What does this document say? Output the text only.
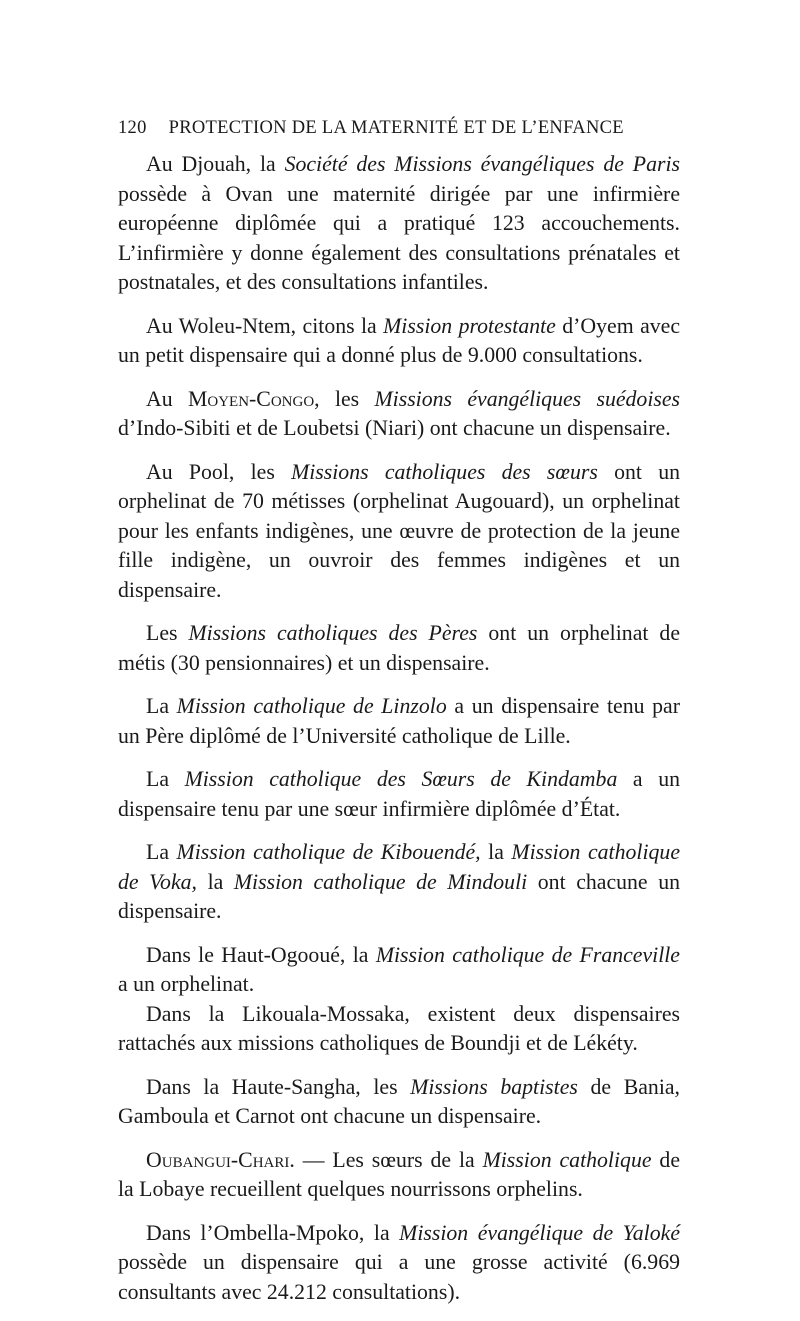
120 PROTECTION DE LA MATERNITÉ ET DE L’ENFANCE

Au Djouah, la Société des Missions évangéliques de Paris possède à Ovan une maternité dirigée par une infirmière européenne diplômée qui a pratiqué 123 accouchements. L’infirmière y donne également des consultations prénatales et postnatales, et des consultations infantiles.

Au Woleu-Ntem, citons la Mission protestante d’Oyem avec un petit dispensaire qui a donné plus de 9.000 consultations.

Au Moyen-Congo, les Missions évangéliques suédoises d’Indo-Sibiti et de Loubetsi (Niari) ont chacune un dispensaire.

Au Pool, les Missions catholiques des sœurs ont un orphelinat de 70 métisses (orphelinat Augouard), un orphelinat pour les enfants indigènes, une œuvre de protection de la jeune fille indigène, un ouvroir des femmes indigènes et un dispensaire.

Les Missions catholiques des Pères ont un orphelinat de métis (30 pensionnaires) et un dispensaire.

La Mission catholique de Linzolo a un dispensaire tenu par un Père diplômé de l’Université catholique de Lille.

La Mission catholique des Sœurs de Kindamba a un dispensaire tenu par une sœur infirmière diplômée d’État.

La Mission catholique de Kibouendé, la Mission catholique de Voka, la Mission catholique de Mindouli ont chacune un dispensaire.

Dans le Haut-Ogooué, la Mission catholique de Franceville a un orphelinat.

Dans la Likouala-Mossaka, existent deux dispensaires rattachés aux missions catholiques de Boundji et de Lékéty.

Dans la Haute-Sangha, les Missions baptistes de Bania, Gamboula et Carnot ont chacune un dispensaire.

Oubangui-Chari. — Les sœurs de la Mission catholique de la Lobaye recueillent quelques nourrissons orphelins.

Dans l’Ombella-Mpoko, la Mission évangélique de Yaloké possède un dispensaire qui a une grosse activité (6.969 consultants avec 24.212 consultations).
